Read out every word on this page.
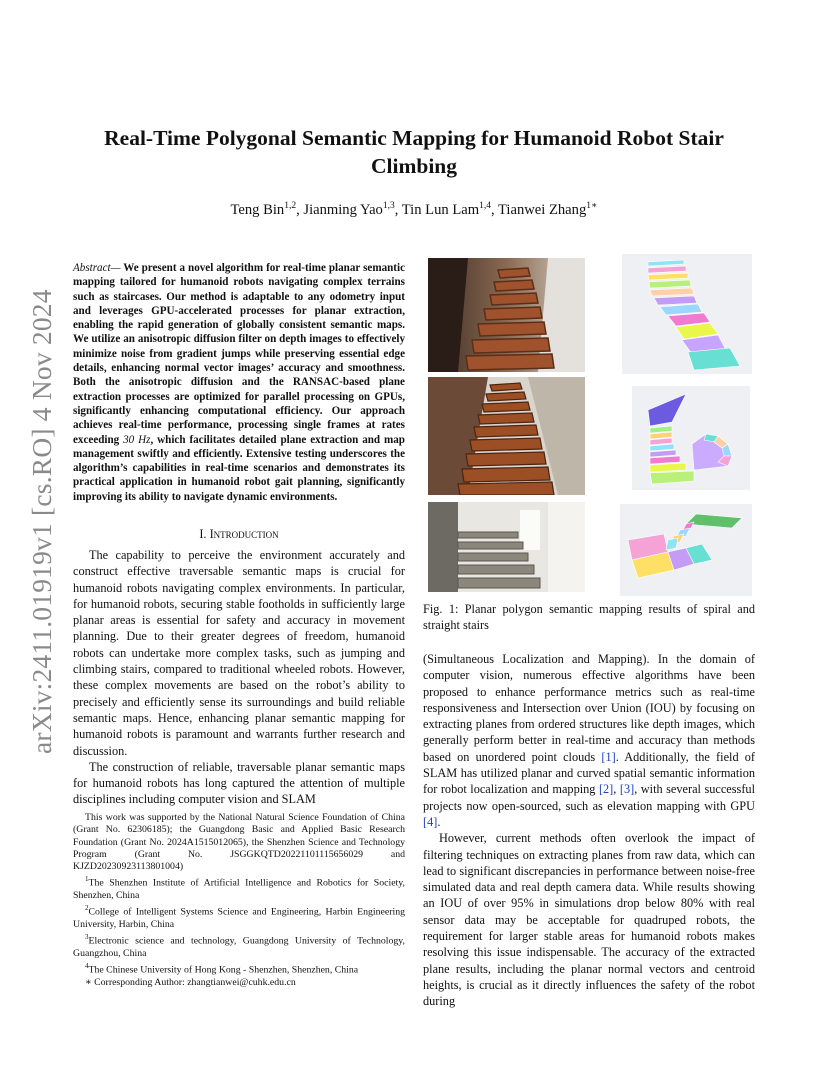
arXiv:2411.01919v1 [cs.RO] 4 Nov 2024
Real-Time Polygonal Semantic Mapping for Humanoid Robot Stair
Climbing
Teng Bin$^{1,2}$, Jianming Yao$^{1,3}$, Tin Lun Lam$^{1,4}$, Tianwei Zhang$^{1∗}$
Abstract— We present a novel algorithm for real-time planar semantic mapping tailored for humanoid robots navigating complex terrains such as staircases. Our method is adaptable to any odometry input and leverages GPU-accelerated processes for planar extraction, enabling the rapid generation of globally consistent semantic maps. We utilize an anisotropic diffusion filter on depth images to effectively minimize noise from gradient jumps while preserving essential edge details, enhancing normal vector images’ accuracy and smoothness. Both the anisotropic diffusion and the RANSAC-based plane extraction processes are optimized for parallel processing on GPUs, significantly enhancing computational efficiency. Our approach achieves real-time performance, processing single frames at rates exceeding 30 Hz, which facilitates detailed plane extraction and map management swiftly and efficiently. Extensive testing underscores the algorithm’s capabilities in real-time scenarios and demonstrates its practical application in humanoid robot gait planning, significantly improving its ability to navigate dynamic environments.
I. Introduction

The capability to perceive the environment accurately and construct effective traversable semantic maps is crucial for humanoid robots navigating complex environments. In particular, for humanoid robots, securing stable footholds in sufficiently large planar areas is essential for safety and accuracy in movement planning. Due to their greater degrees of freedom, humanoid robots can undertake more complex tasks, such as jumping and climbing stairs, compared to traditional wheeled robots. However, these complex movements are based on the robot’s ability to precisely and efficiently sense its surroundings and build reliable semantic maps. Hence, enhancing planar semantic mapping for humanoid robots is paramount and warrants further research and discussion.

The construction of reliable, traversable planar semantic maps for humanoid robots has long captured the attention of multiple disciplines including computer vision and SLAM

This work was supported by the National Natural Science Foundation of China (Grant No. 62306185); the Guangdong Basic and Applied Basic Research Foundation (Grant No. 2024A1515012065), the Shenzhen Science and Technology Program (Grant No. JSGGKQTD20221101115656029 and KJZD20230923113801004)

$^1$The Shenzhen Institute of Artificial Intelligence and Robotics for Society, Shenzhen, China

$^2$College of Intelligent Systems Science and Engineering, Harbin Engineering University, Harbin, China

$^3$Electronic science and technology, Guangdong University of Technology, Guangzhou, China

$^4$The Chinese University of Hong Kong - Shenzhen, Shenzhen, China

∗ Corresponding Author: zhangtianwei@cuhk.edu.cn

Fig. 1: Planar polygon semantic mapping results of spiral and straight stairs

(Simultaneous Localization and Mapping). In the domain of computer vision, numerous effective algorithms have been proposed to enhance performance metrics such as real-time responsiveness and Intersection over Union (IOU) by focusing on extracting planes from ordered structures like depth images, which generally perform better in real-time and accuracy than methods based on unordered point clouds [1]. Additionally, the field of SLAM has utilized planar and curved spatial semantic information for robot localization and mapping [2], [3], with several successful projects now open-sourced, such as elevation mapping with GPU [4].

However, current methods often overlook the impact of filtering techniques on extracting planes from raw data, which can lead to significant discrepancies in performance between noise-free simulated data and real depth camera data. While results showing an IOU of over 95% in simulations drop below 80% with real sensor data may be acceptable for quadruped robots, the requirement for larger stable areas for humanoid robots makes resolving this issue indispensable. The accuracy of the extracted plane results, including the planar normal vectors and centroid heights, is crucial as it directly influences the safety of the robot during
